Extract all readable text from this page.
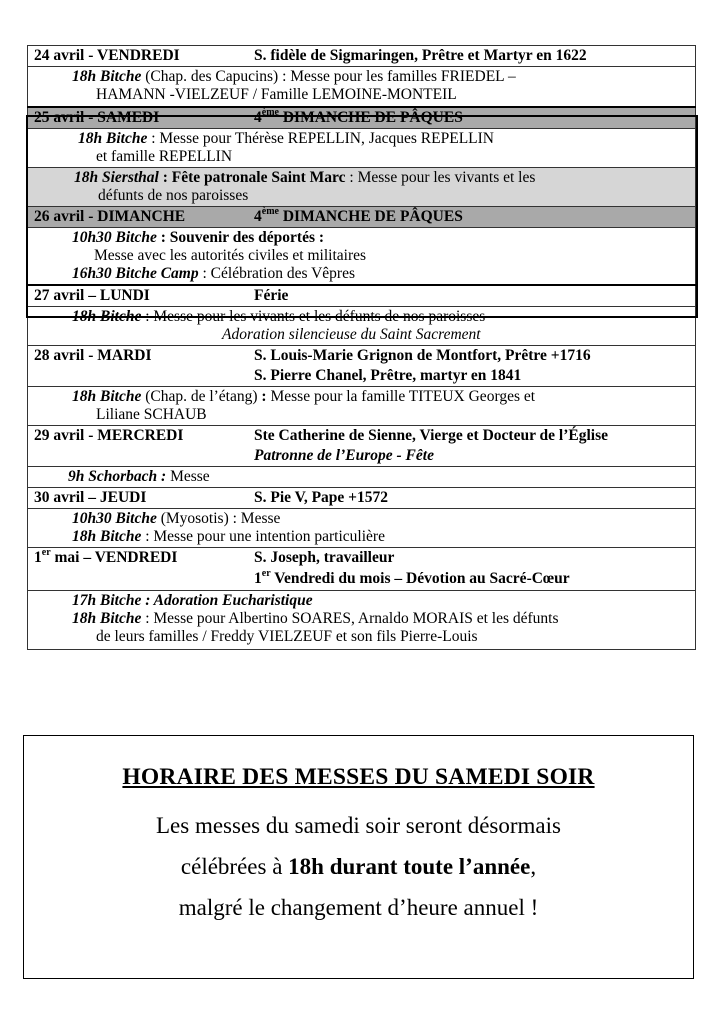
24 avril - VENDREDI	S. fidèle de Sigmaringen, Prêtre et Martyr en 1622

18h Bitche (Chap. des Capucins) : Messe pour les familles FRIEDEL –
HAMANN -VIELZEUF / Famille LEMOINE-MONTEIL

25 avril - SAMEDI	4ème DIMANCHE DE PÂQUES

18h Bitche : Messe pour Thérèse REPELLIN, Jacques REPELLIN
et famille REPELLIN

18h Siersthal : Fête patronale Saint Marc : Messe pour les vivants et les
défunts de nos paroisses

26 avril - DIMANCHE	4ème DIMANCHE DE PÂQUES

10h30 Bitche : Souvenir des déportés :
Messe avec les autorités civiles et militaires
16h30 Bitche Camp : Célébration des Vêpres

27 avril – LUNDI	Férie

18h Bitche : Messe pour les vivants et les défunts de nos paroisses
Adoration silencieuse du Saint Sacrement

28 avril - MARDI	S. Louis-Marie Grignon de Montfort, Prêtre +1716
S. Pierre Chanel, Prêtre, martyr en 1841

18h Bitche (Chap. de l’étang) : Messe pour la famille TITEUX Georges et
Liliane SCHAUB

29 avril - MERCREDI	Ste Catherine de Sienne, Vierge et Docteur de l’Église
Patronne de l’Europe - Fête

9h Schorbach : Messe

30 avril – JEUDI	S. Pie V, Pape +1572

10h30 Bitche (Myosotis) : Messe
18h Bitche : Messe pour une intention particulière

1er mai – VENDREDI	S. Joseph, travailleur
1er Vendredi du mois – Dévotion au Sacré-Cœur

17h Bitche : Adoration Eucharistique
18h Bitche : Messe pour Albertino SOARES, Arnaldo MORAIS et les défunts
de leurs familles / Freddy VIELZEUF et son fils Pierre-Louis
HORAIRE DES MESSES DU SAMEDI SOIR

Les messes du samedi soir seront désormais
célébrées à 18h durant toute l’année,
malgré le changement d’heure annuel !
